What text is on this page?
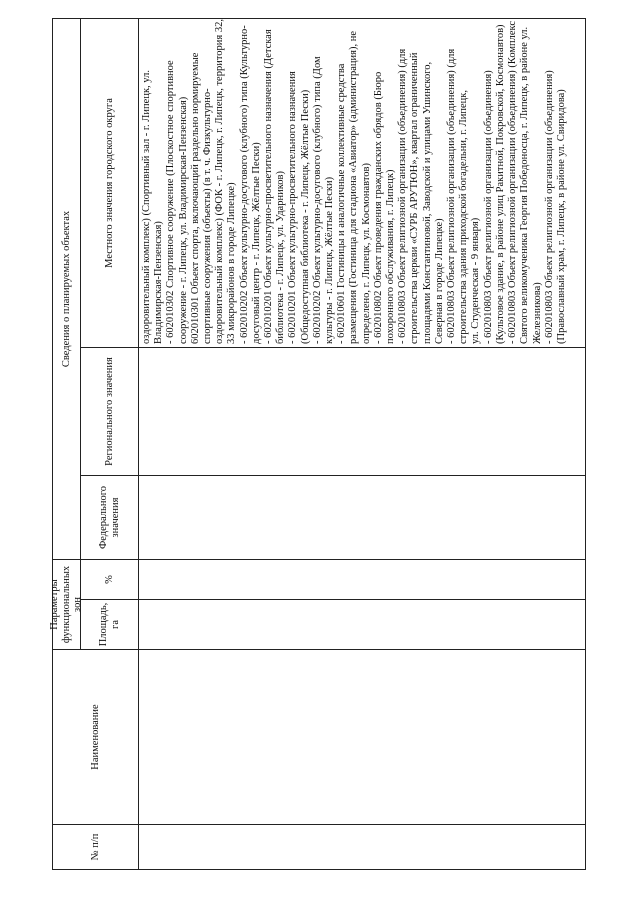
№ п/п
Наименование
Параметры функциональных зон
Сведения о планируемых объектах
Площадь, га
%
Федерального значения
Регионального значения
Местного значения городского округа	оздоровительный комплекс) (Спортивный зал - г. Липецк, ул. Владимирская-Пензенская) - 602010302 Спортивное сооружение (Плоскостное спортивное сооружение - г. Липецк, ул. Владимирская-Пензенская) 602010301 Объект спорта, включающий раздельно нормируемые спортивные сооружения (объекты) (в т. ч. Физкультурно- оздоровительный комплекс) (ФОК - г. Липецк, г. Липецк, территория 32, 33 микрорайонов в городе Липецке) - 602010202 Объект культурно-досугового (клубного) типа (Культурно- досуговый центр - г. Липецк, Жёлтые Пески) - 602010201 Объект культурно-просветительного назначения (Детская библиотека - г. Липецк, ул. Ударников) - 602010201 Объект культурно-просветительного назначения (Общедоступная библиотека - г. Липецк, Жёлтые Пески) - 602010202 Объект культурно-досугового (клубного) типа (Дом культуры - г. Липецк, Жёлтые Пески) - 602010601 Гостиницы и аналогичные коллективные средства размещения (Гостиница для стадиона «Авиатор» (администрация), не определено, г. Липецк, ул. Космонавтов) - 602010802 Объект проведения гражданских обрядов (Бюро похоронного обслуживания, г. Липецк) - 602010803 Объект религиозной организации (объединения) (для строительства церкви «СУРБ АРУТЮН», квартал ограниченный площадями Константиновой, Заводской и улицами Ушинского, Северная в городе Липецке) - 602010803 Объект религиозной организации (объединения) (для строительства здания приходской богадельни, г. Липецк, ул. Студенческая - 9 января) - 602010803 Объект религиозной организации (объединения) (Культовое здание, в районе улиц Ракитной, Покровской, Космонавтов) - 602010803 Объект религиозной организации (объединения) (Комплекс Святого великомученика Георгия Победоносца, г. Липецк, в районе ул. Железникова) - 602010803 Объект религиозной организации (объединения) (Православный храм, г. Липецк, в районе ул. Свиридова)
